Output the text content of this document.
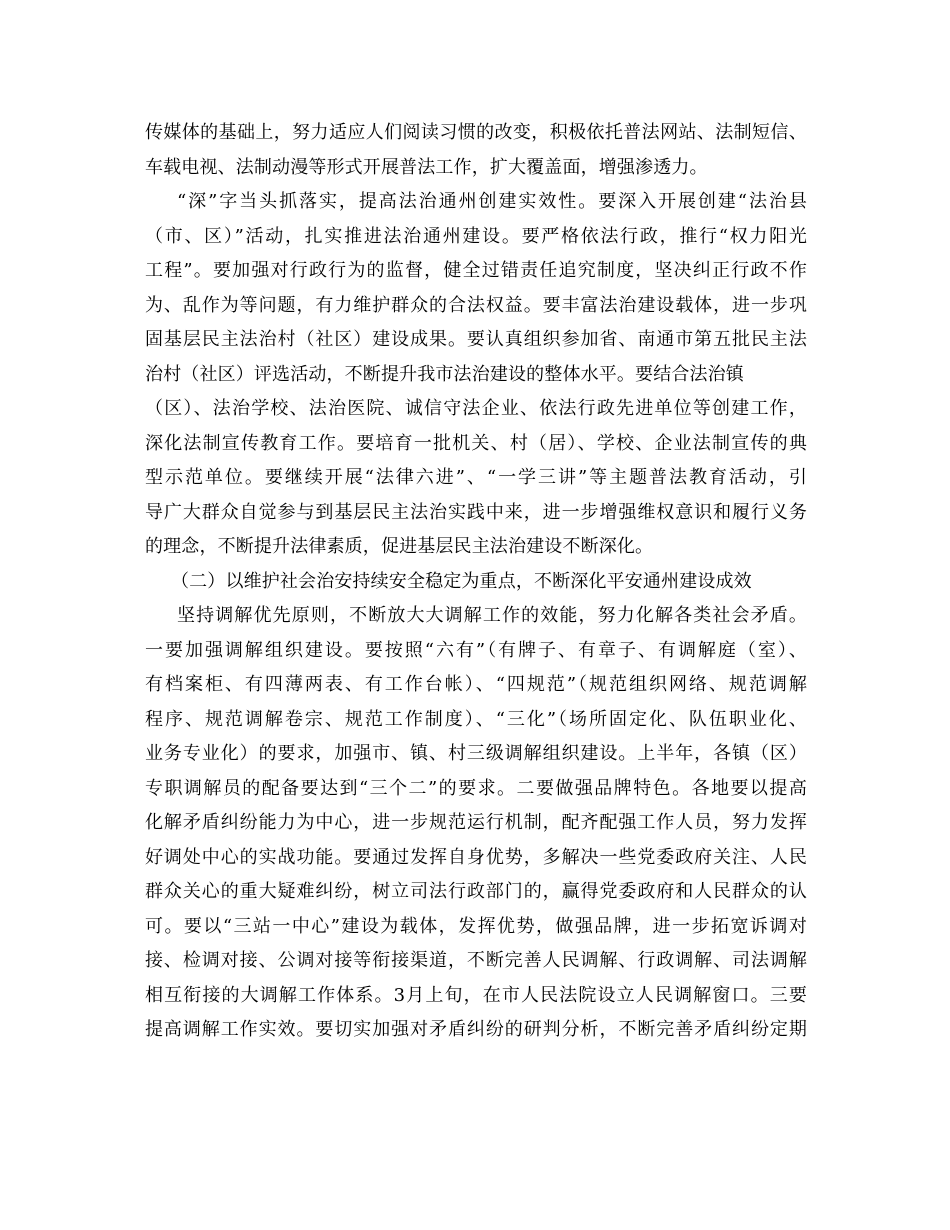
传媒体的基础上，努力适应人们阅读习惯的改变，积极依托普法网站、法制短信、
车载电视、法制动漫等形式开展普法工作，扩大覆盖面，增强渗透力。
“深”字当头抓落实，提高法治通州创建实效性。要深入开展创建“法治县
（市、区）”活动，扎实推进法治通州建设。要严格依法行政，推行“权力阳光
工程”。要加强对行政行为的监督，健全过错责任追究制度，坚决纠正行政不作
为、乱作为等问题，有力维护群众的合法权益。要丰富法治建设载体，进一步巩
固基层民主法治村（社区）建设成果。要认真组织参加省、南通市第五批民主法
治村（社区）评选活动，不断提升我市法治建设的整体水平。要结合法治镇
（区）、法治学校、法治医院、诚信守法企业、依法行政先进单位等创建工作，
深化法制宣传教育工作。要培育一批机关、村（居）、学校、企业法制宣传的典
型示范单位。要继续开展“法律六进”、“一学三讲”等主题普法教育活动，引
导广大群众自觉参与到基层民主法治实践中来，进一步增强维权意识和履行义务
的理念，不断提升法律素质，促进基层民主法治建设不断深化。
（二）以维护社会治安持续安全稳定为重点，不断深化平安通州建设成效
坚持调解优先原则，不断放大大调解工作的效能，努力化解各类社会矛盾。
一要加强调解组织建设。要按照“六有”（有牌子、有章子、有调解庭（室）、
有档案柜、有四薄两表、有工作台帐）、“四规范”（规范组织网络、规范调解
程序、规范调解卷宗、规范工作制度）、“三化”（场所固定化、队伍职业化、
业务专业化）的要求，加强市、镇、村三级调解组织建设。上半年，各镇（区）
专职调解员的配备要达到“三个二”的要求。二要做强品牌特色。各地要以提高
化解矛盾纠纷能力为中心，进一步规范运行机制，配齐配强工作人员，努力发挥
好调处中心的实战功能。要通过发挥自身优势，多解决一些党委政府关注、人民
群众关心的重大疑难纠纷，树立司法行政部门的，赢得党委政府和人民群众的认
可。要以“三站一中心”建设为载体，发挥优势，做强品牌，进一步拓宽诉调对
接、检调对接、公调对接等衔接渠道，不断完善人民调解、行政调解、司法调解
相互衔接的大调解工作体系。3月上旬，在市人民法院设立人民调解窗口。三要
提高调解工作实效。要切实加强对矛盾纠纷的研判分析，不断完善矛盾纠纷定期
